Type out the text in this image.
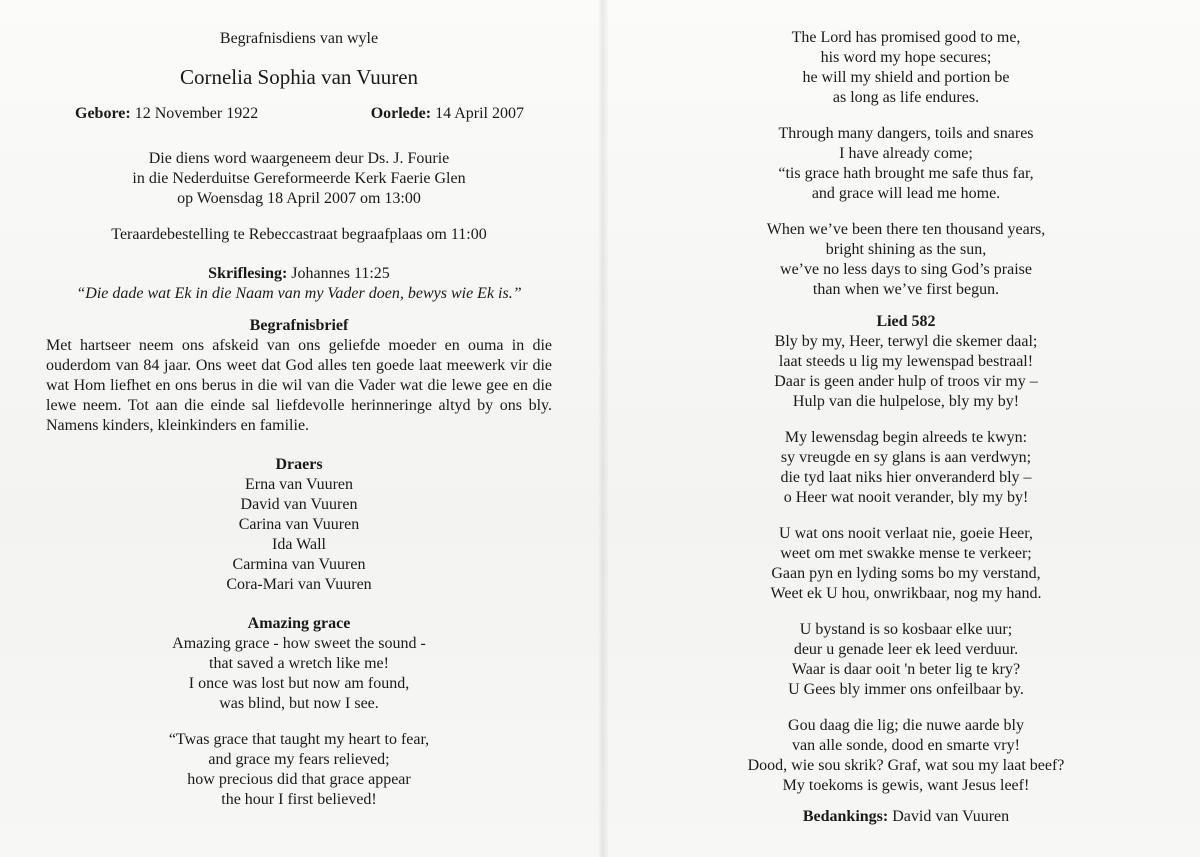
Begrafnisdiens van wyle

Cornelia Sophia van Vuuren

Gebore: 12 November 1922	Oorlede: 14 April 2007
Die diens word waargeneem deur Ds. J. Fourie
in die Nederduitse Gereformeerde Kerk Faerie Glen
op Woensdag 18 April 2007 om 13:00

Teraardebestelling te Rebeccastraat begraafplaas om 11:00

Skriflesing: Johannes 11:25

“Die dade wat Ek in die Naam van my Vader doen, bewys wie Ek is.”

Begrafnisbrief

Met hartseer neem ons afskeid van ons geliefde moeder en ouma in die ouderdom van 84 jaar. Ons weet dat God alles ten goede laat meewerk vir die wat Hom liefhet en ons berus in die wil van die Vader wat die lewe gee en die lewe neem. Tot aan die einde sal liefdevolle herinneringe altyd by ons bly. Namens kinders, kleinkinders en familie.

Draers

Erna van Vuuren
David van Vuuren
Carina van Vuuren
Ida Wall
Carmina van Vuuren
Cora-Mari van Vuuren

Amazing grace

Amazing grace - how sweet the sound -
that saved a wretch like me!
I once was lost but now am found,
was blind, but now I see.
“Twas grace that taught my heart to fear,
and grace my fears relieved;
how precious did that grace appear
the hour I first believed!
The Lord has promised good to me,
his word my hope secures;
he will my shield and portion be
as long as life endures.
Through many dangers, toils and snares
I have already come;
“tis grace hath brought me safe thus far,
and grace will lead me home.
When we’ve been there ten thousand years,
bright shining as the sun,
we’ve no less days to sing God’s praise
than when we’ve first begun.

Lied 582

Bly by my, Heer, terwyl die skemer daal;
laat steeds u lig my lewenspad bestraal!
Daar is geen ander hulp of troos vir my –
Hulp van die hulpelose, bly my by!
My lewensdag begin alreeds te kwyn:
sy vreugde en sy glans is aan verdwyn;
die tyd laat niks hier onveranderd bly –
o Heer wat nooit verander, bly my by!
U wat ons nooit verlaat nie, goeie Heer,
weet om met swakke mense te verkeer;
Gaan pyn en lyding soms bo my verstand,
Weet ek U hou, onwrikbaar, nog my hand.
U bystand is so kosbaar elke uur;
deur u genade leer ek leed verduur.
Waar is daar ooit 'n beter lig te kry?
U Gees bly immer ons onfeilbaar by.
Gou daag die lig; die nuwe aarde bly
van alle sonde, dood en smarte vry!
Dood, wie sou skrik? Graf, wat sou my laat beef?
My toekoms is gewis, want Jesus leef!

Bedankings: David van Vuuren
